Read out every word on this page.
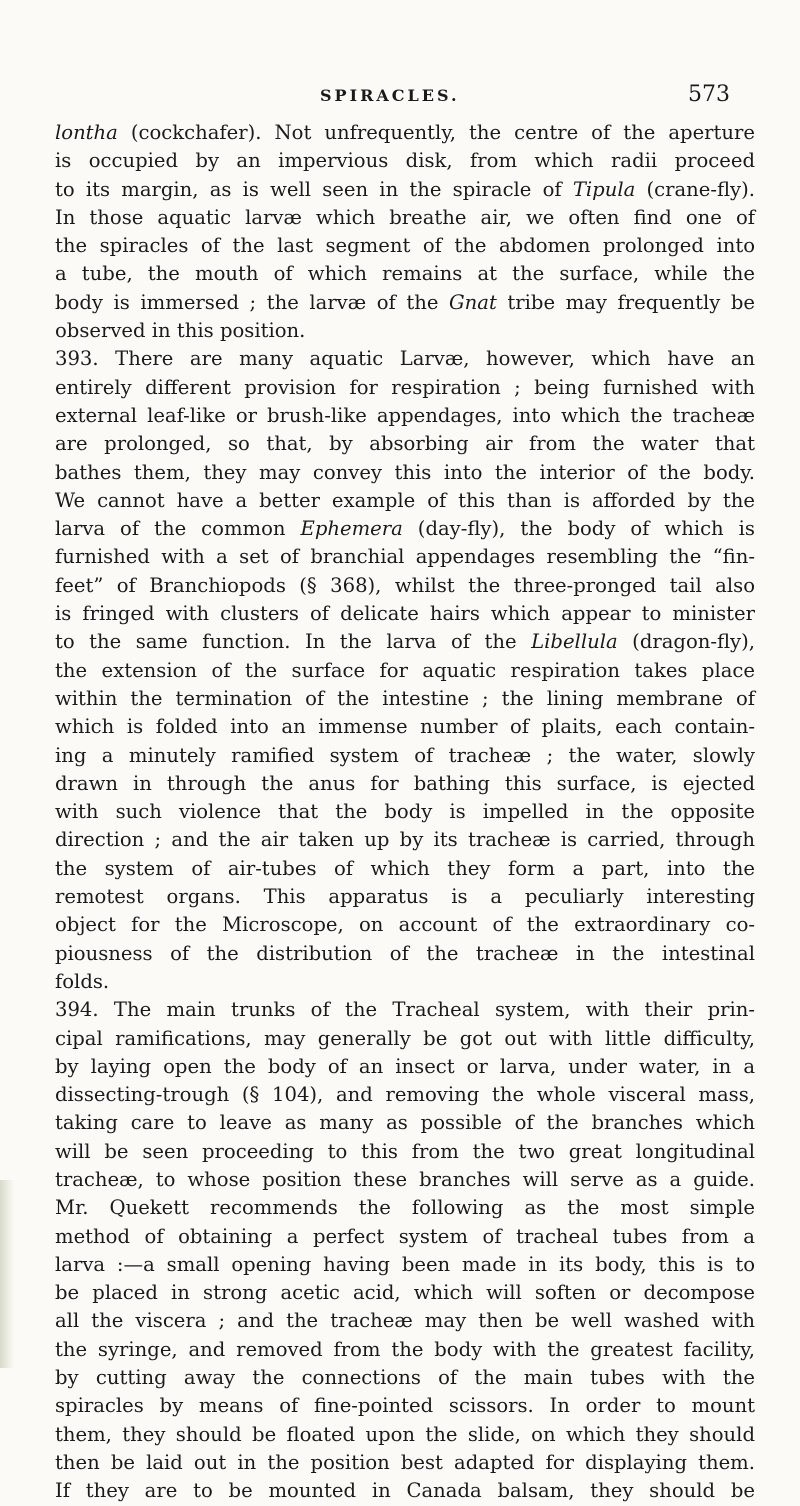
SPIRACLES.	573
lontha (cockchafer). Not unfrequently, the centre of the aperture
is occupied by an impervious disk, from which radii proceed
to its margin, as is well seen in the spiracle of Tipula (crane-fly).
In those aquatic larvæ which breathe air, we often find one of
the spiracles of the last segment of the abdomen prolonged into
a tube, the mouth of which remains at the surface, while the
body is immersed ; the larvæ of the Gnat tribe may frequently be
observed in this position.
393. There are many aquatic Larvæ, however, which have an
entirely different provision for respiration ; being furnished with
external leaf-like or brush-like appendages, into which the tracheæ
are prolonged, so that, by absorbing air from the water that
bathes them, they may convey this into the interior of the body.
We cannot have a better example of this than is afforded by the
larva of the common Ephemera (day-fly), the body of which is
furnished with a set of branchial appendages resembling the “fin-
feet” of Branchiopods (§ 368), whilst the three-pronged tail also
is fringed with clusters of delicate hairs which appear to minister
to the same function. In the larva of the Libellula (dragon-fly),
the extension of the surface for aquatic respiration takes place
within the termination of the intestine ; the lining membrane of
which is folded into an immense number of plaits, each contain-
ing a minutely ramified system of tracheæ ; the water, slowly
drawn in through the anus for bathing this surface, is ejected
with such violence that the body is impelled in the opposite
direction ; and the air taken up by its tracheæ is carried, through
the system of air-tubes of which they form a part, into the
remotest organs. This apparatus is a peculiarly interesting
object for the Microscope, on account of the extraordinary co-
piousness of the distribution of the tracheæ in the intestinal
folds.
394. The main trunks of the Tracheal system, with their prin-
cipal ramifications, may generally be got out with little difficulty,
by laying open the body of an insect or larva, under water, in a
dissecting-trough (§ 104), and removing the whole visceral mass,
taking care to leave as many as possible of the branches which
will be seen proceeding to this from the two great longitudinal
tracheæ, to whose position these branches will serve as a guide.
Mr. Quekett recommends the following as the most simple
method of obtaining a perfect system of tracheal tubes from a
larva :—a small opening having been made in its body, this is to
be placed in strong acetic acid, which will soften or decompose
all the viscera ; and the tracheæ may then be well washed with
the syringe, and removed from the body with the greatest facility,
by cutting away the connections of the main tubes with the
spiracles by means of fine-pointed scissors. In order to mount
them, they should be floated upon the slide, on which they should
then be laid out in the position best adapted for displaying them.
If they are to be mounted in Canada balsam, they should be
